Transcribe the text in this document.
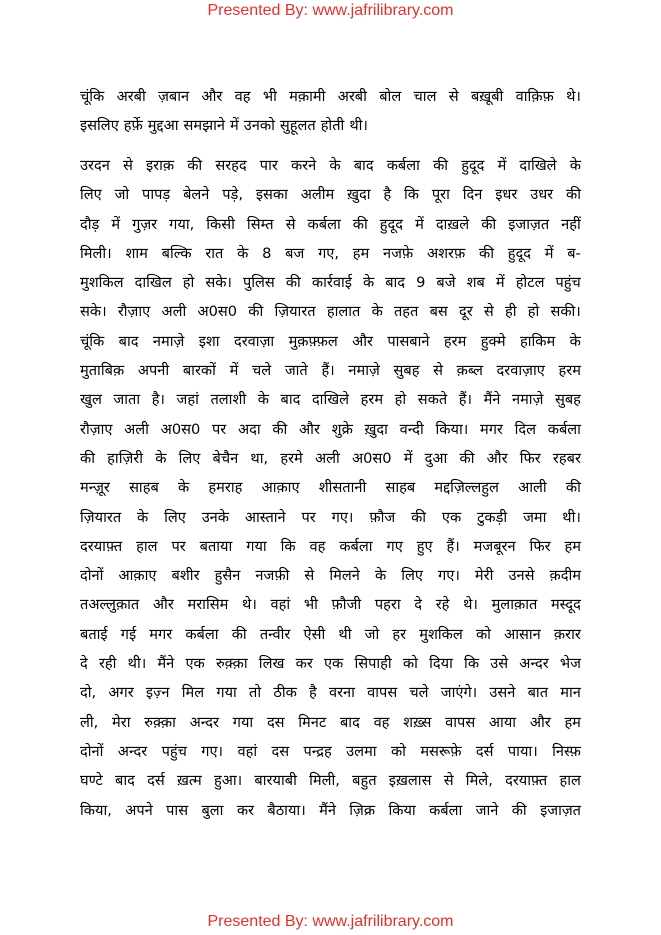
Presented By: www.jafrilibrary.com
चूंकि अरबी ज़बान और वह भी मक़ामी अरबी बोल चाल से बख़ूबी वाक़िफ़ थे।
इसलिए हर्फ़े मुद्दआ समझाने में उनको सुहूलत होती थी।
उरदन से इराक़ की सरहद पार करने के बाद कर्बला की हुदूद में दाखिले के
लिए जो पापड़ बेलने पड़े, इसका अलीम ख़ुदा है कि पूरा दिन इधर उधर की
दौड़ में गुज़र गया, किसी सिम्त से कर्बला की हुदूद में दाख़ले की इजाज़त नहीं
मिली। शाम बल्कि रात के 8 बज गए, हम नजफ़े अशरफ़ की हुदूद में ब-
मुशकिल दाखिल हो सके। पुलिस की कार्रवाई के बाद 9 बजे शब में होटल पहुंच
सके। रौज़ाए अली अ0स0 की ज़ियारत हालात के तहत बस दूर से ही हो सकी।
चूंकि बाद नमाज़े इशा दरवाज़ा मुक़फ़्फ़ल और पासबाने हरम हुक्मे हाकिम के
मुताबिक़ अपनी बारकों में चले जाते हैं। नमाज़े सुबह से क़ब्ल दरवाज़ाए हरम
खुल जाता है। जहां तलाशी के बाद दाखिले हरम हो सकते हैं। मैंने नमाज़े सुबह
रौज़ाए अली अ0स0 पर अदा की और शुक्रे ख़ुदा वन्दी किया। मगर दिल कर्बला
की हाज़िरी के लिए बेचैन था, हरमे अली अ0स0 में दुआ की और फिर रहबर
मन्ज़ूर साहब के हमराह आक़ाए शीसतानी साहब मद्दज़िल्लहुल आली की
ज़ियारत के लिए उनके आस्ताने पर गए। फ़ौज की एक टुकड़ी जमा थी।
दरयाफ़्त हाल पर बताया गया कि वह कर्बला गए हुए हैं। मजबूरन फिर हम
दोनों आक़ाए बशीर हुसैन नजफ़ी से मिलने के लिए गए। मेरी उनसे क़दीम
तअल्लुक़ात और मरासिम थे। वहां भी फ़ौजी पहरा दे रहे थे। मुलाक़ात मस्दूद
बताई गई मगर कर्बला की तन्वीर ऐसी थी जो हर मुशकिल को आसान क़रार
दे रही थी। मैंने एक रुक़्क़ा लिख कर एक सिपाही को दिया कि उसे अन्दर भेज
दो, अगर इज़्न मिल गया तो ठीक है वरना वापस चले जाएंगे। उसने बात मान
ली, मेरा रुक़्क़ा अन्दर गया दस मिनट बाद वह शख़्स वापस आया और हम
दोनों अन्दर पहुंच गए। वहां दस पन्द्रह उलमा को मसरूफ़े दर्स पाया। निस्फ़
घण्टे बाद दर्स ख़त्म हुआ। बारयाबी मिली, बहुत इख़लास से मिले, दरयाफ़्त हाल
किया, अपने पास बुला कर बैठाया। मैंने ज़िक्र किया कर्बला जाने की इजाज़त
Presented By: www.jafrilibrary.com
